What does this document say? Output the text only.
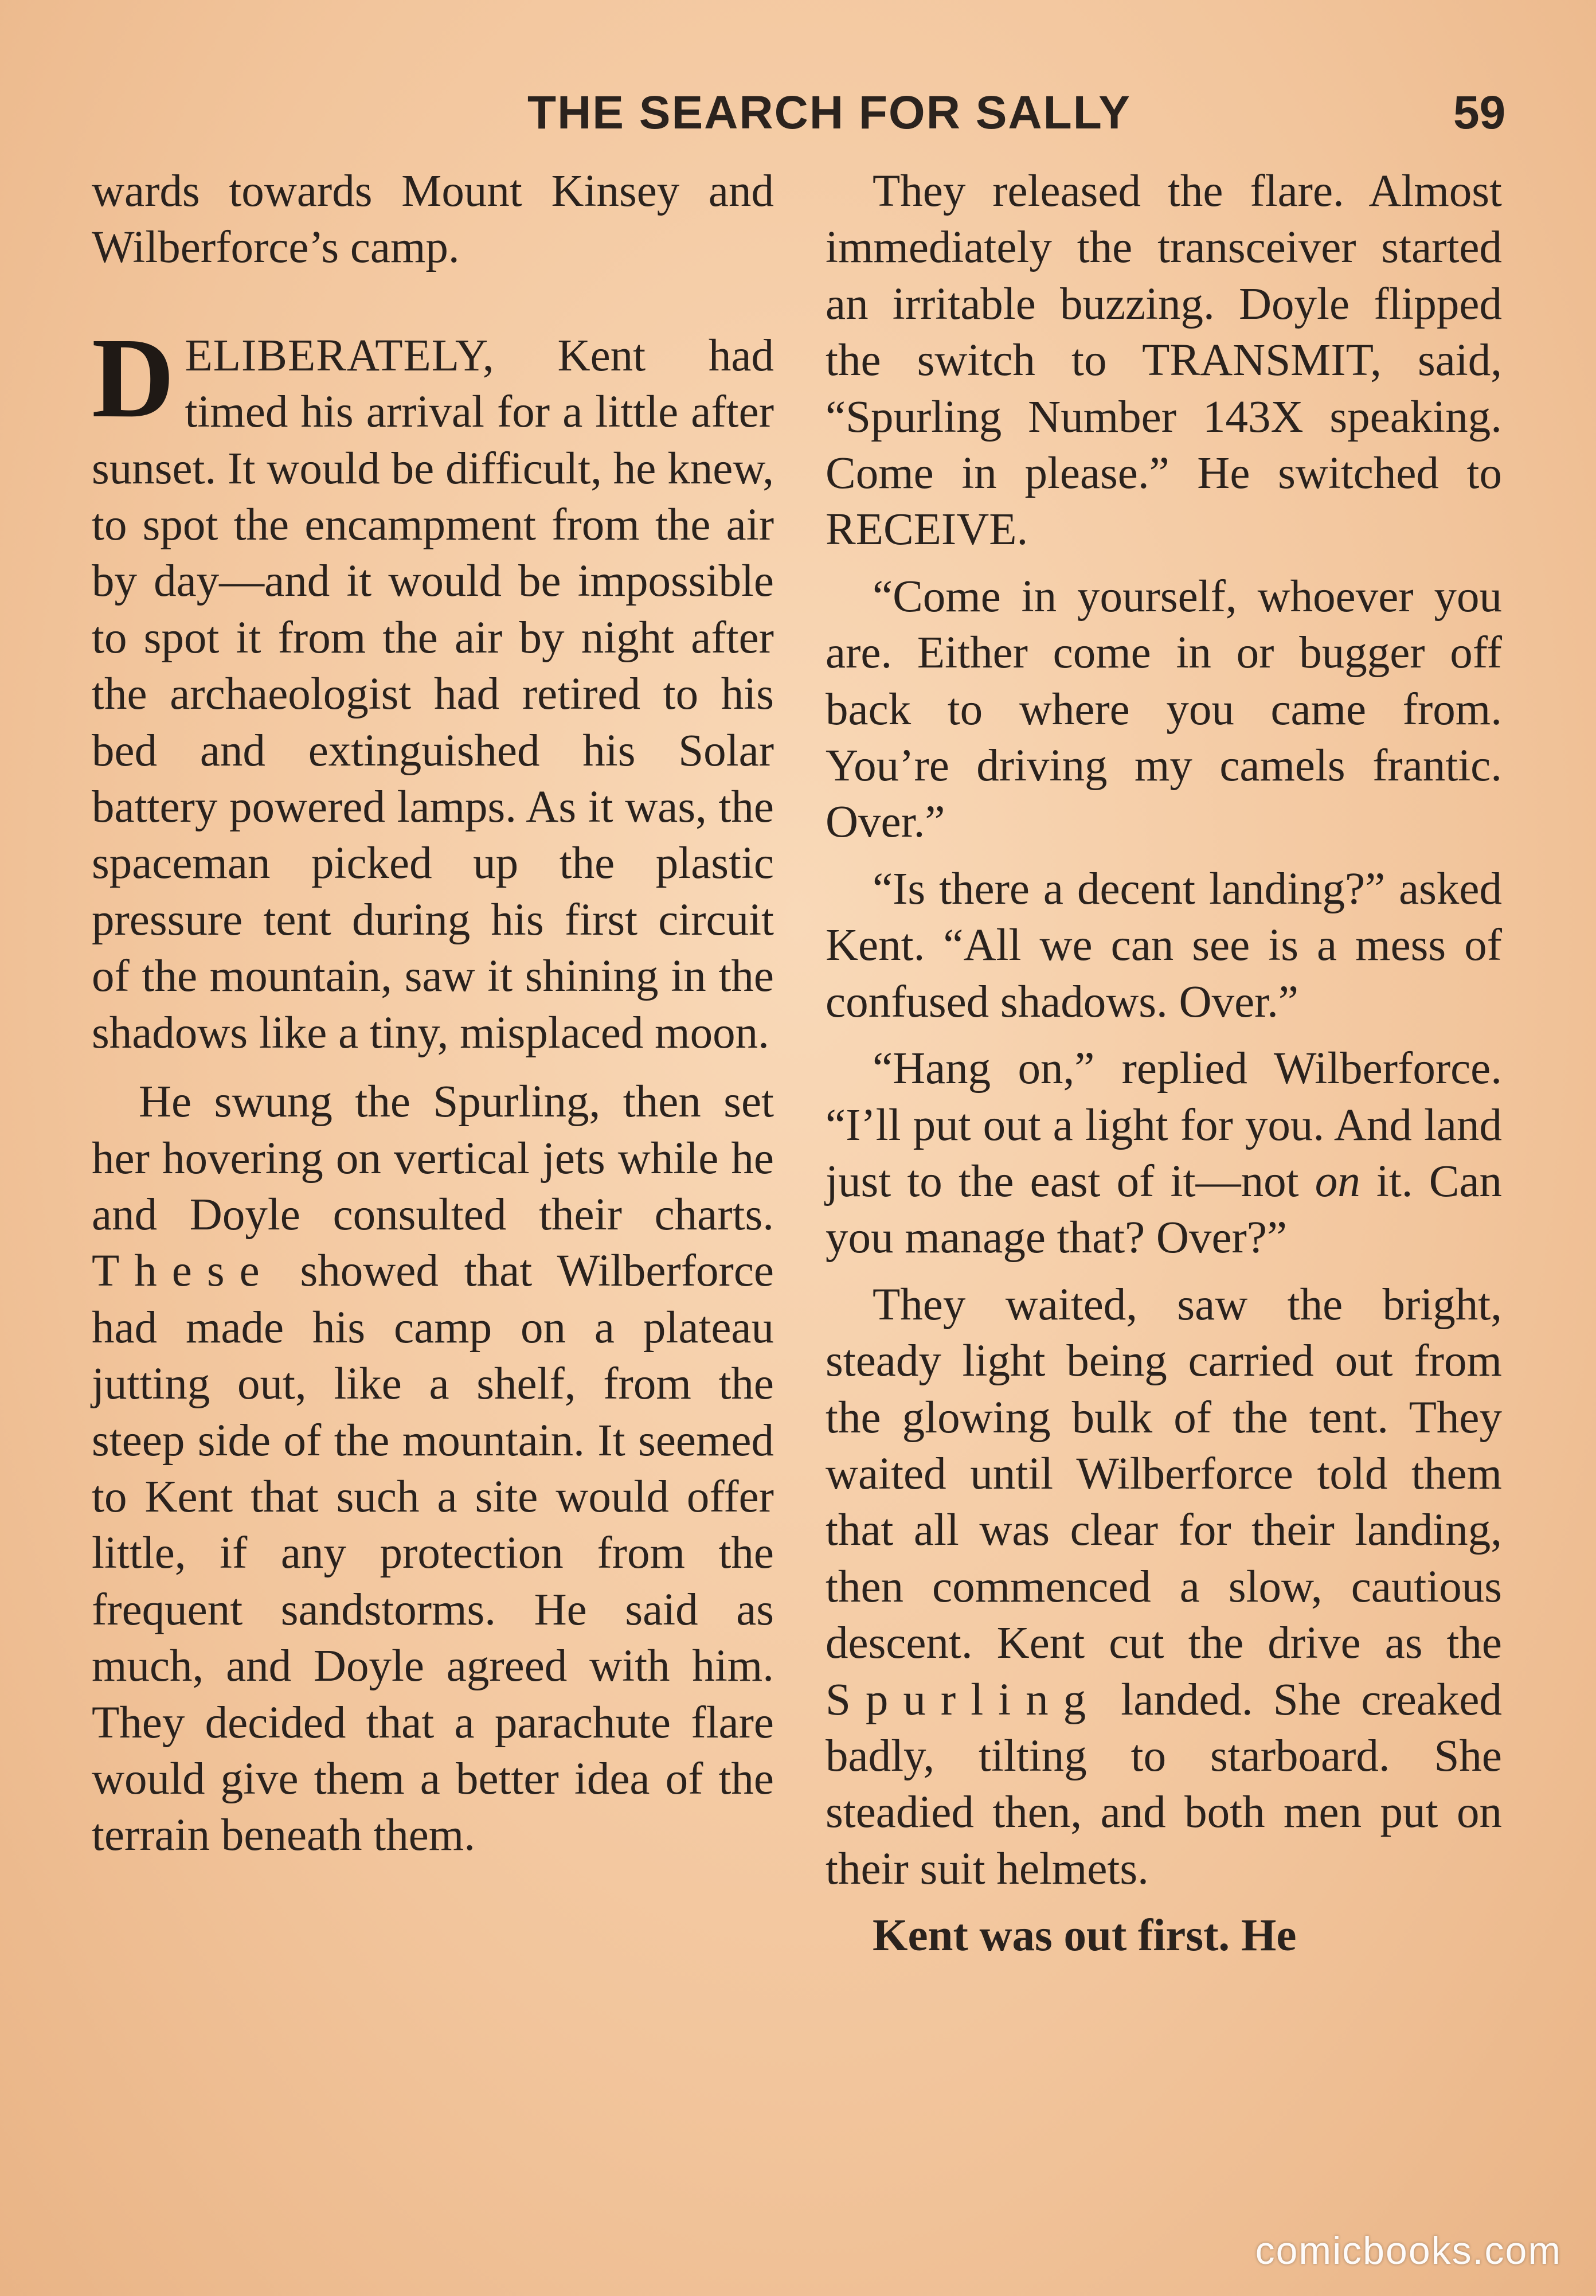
THE SEARCH FOR SALLY	59

wards towards Mount Kinsey and Wilberforce’s camp.

DELIBERATELY, Kent had timed his arrival for a little after sunset. It would be difficult, he knew, to spot the encampment from the air by day—and it would be impossible to spot it from the air by night after the archaeologist had retired to his bed and extinguished his Solar battery powered lamps. As it was, the spaceman picked up the plastic pressure tent during his first circuit of the mountain, saw it shining in the shadows like a tiny, misplaced moon.

He swung the Spurling, then set her hovering on vertical jets while he and Doyle consulted their charts. These showed that Wilberforce had made his camp on a plateau jutting out, like a shelf, from the steep side of the mountain. It seemed to Kent that such a site would offer little, if any protection from the frequent sandstorms. He said as much, and Doyle agreed with him. They decided that a parachute flare would give them a better idea of the terrain beneath them.

They released the flare. Almost immediately the transceiver started an irritable buzzing. Doyle flipped the switch to TRANSMIT, said, “Spurling Number 143X speaking. Come in please.” He switched to RECEIVE.

“Come in yourself, whoever you are. Either come in or bugger off back to where you came from. You’re driving my camels frantic. Over.”

“Is there a decent landing?” asked Kent. “All we can see is a mess of confused shadows. Over.”

“Hang on,” replied Wilberforce. “I’ll put out a light for you. And land just to the east of it—not on it. Can you manage that? Over?”

They waited, saw the bright, steady light being carried out from the glowing bulk of the tent. They waited until Wilberforce told them that all was clear for their landing, then commenced a slow, cautious descent. Kent cut the drive as the Spurling landed. She creaked badly, tilting to starboard. She steadied then, and both men put on their suit helmets.

Kent was out first. He

comicbooks.com
